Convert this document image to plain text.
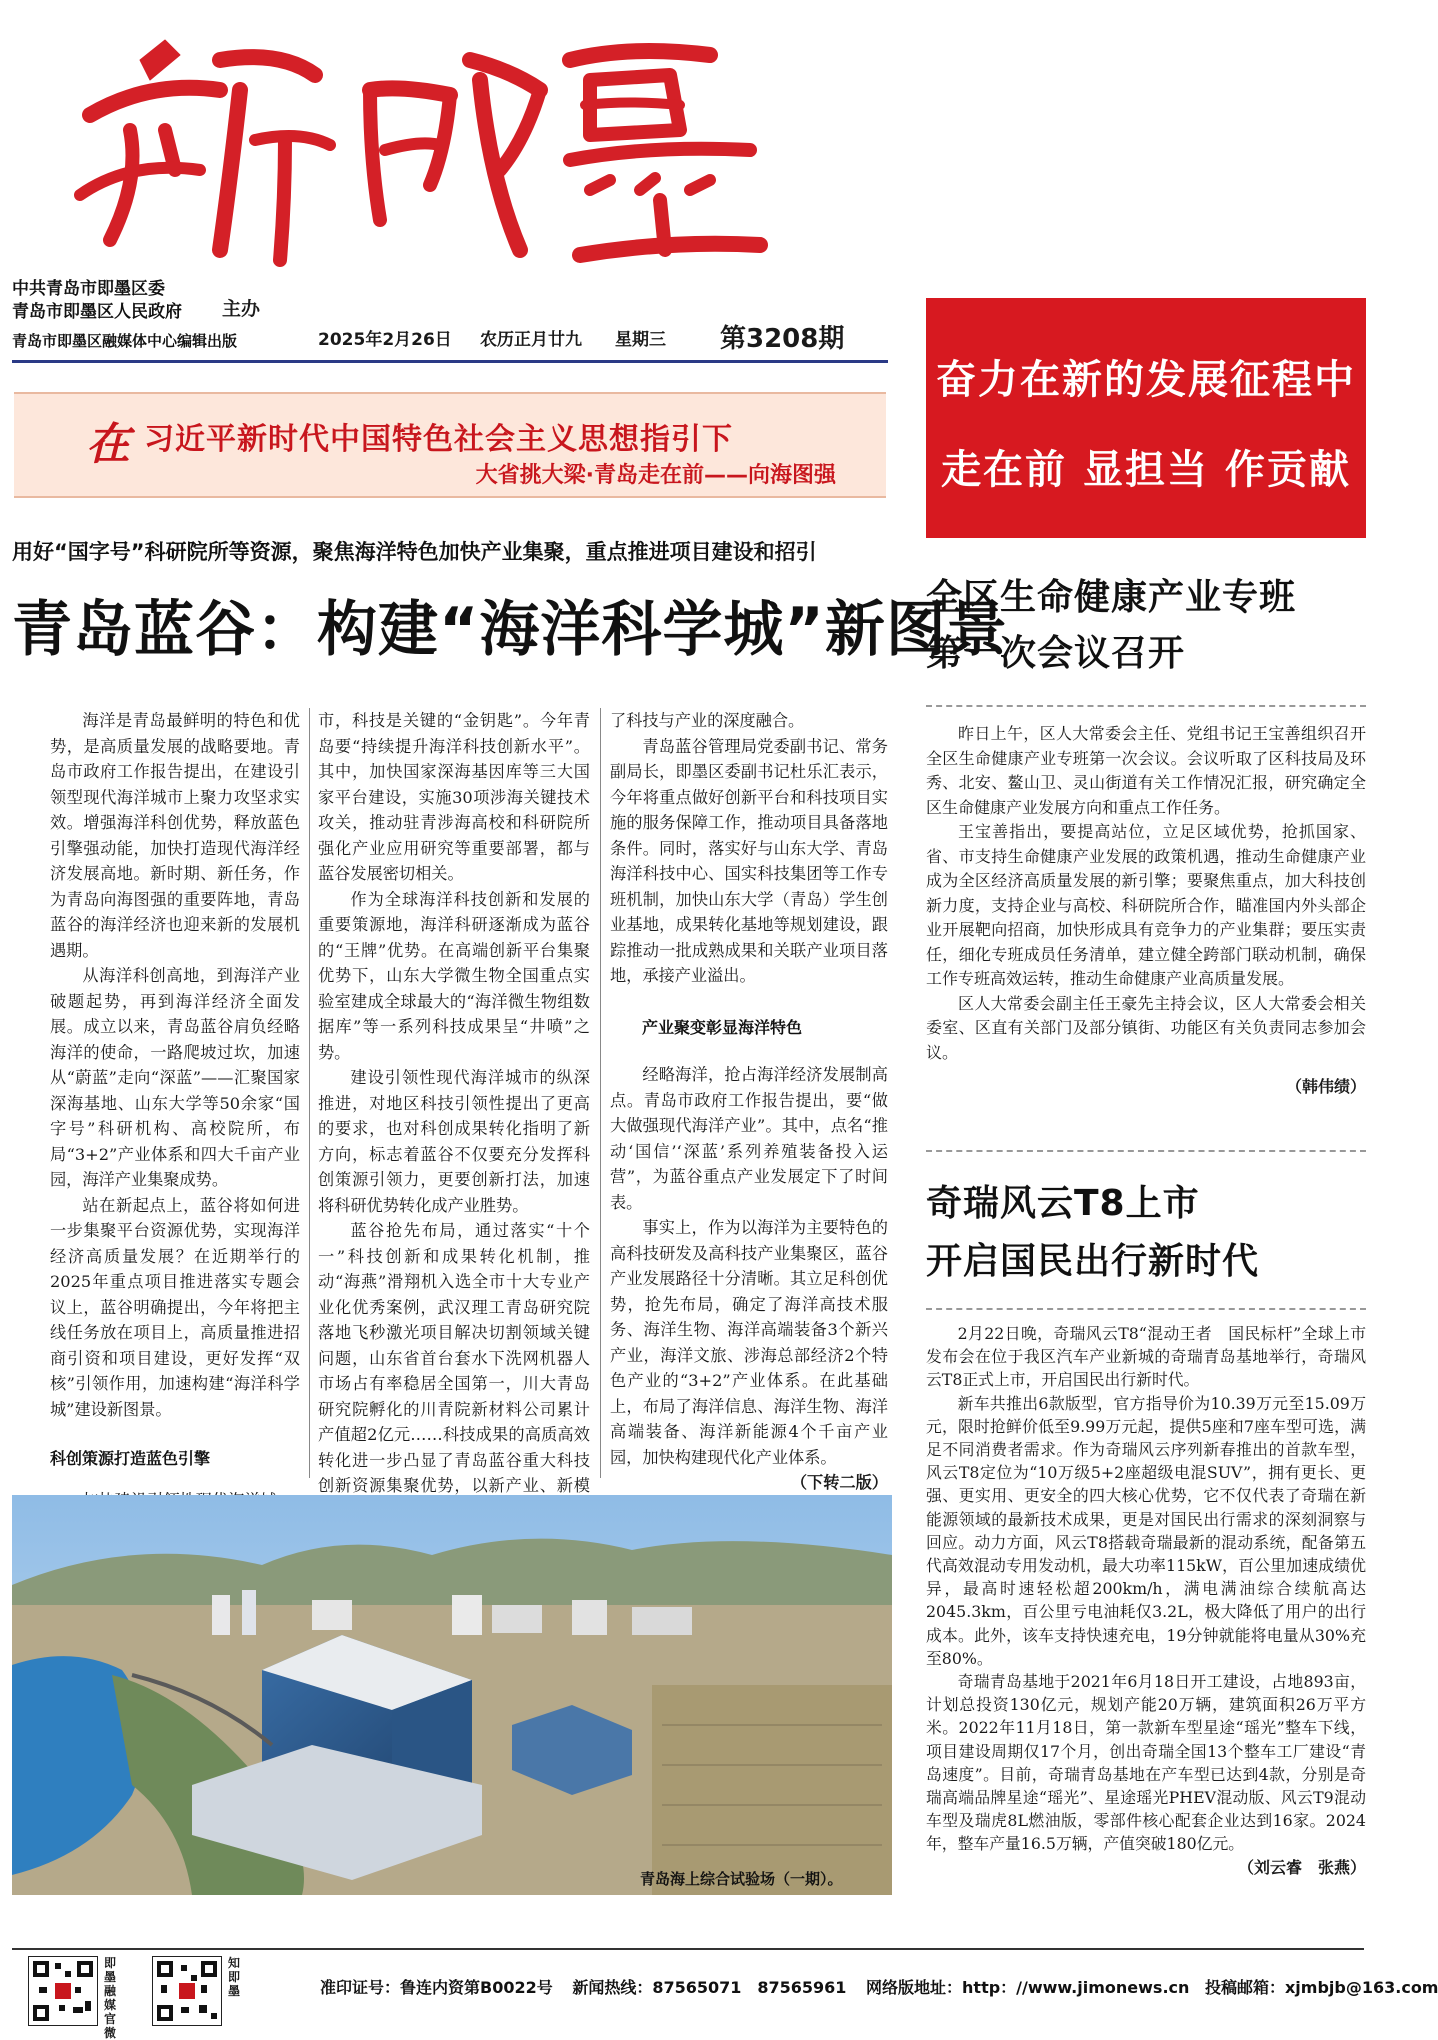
中共青岛市即墨区委
青岛市即墨区人民政府 主办
青岛市即墨区融媒体中心编辑出版	2025年2月26日 农历正月廿九 星期三 第3208期
在 习近平新时代中国特色社会主义思想指引下
大省挑大梁·青岛走在前——向海图强
奋力在新的发展征程中
走在前 显担当 作贡献
用好“国字号”科研院所等资源，聚焦海洋特色加快产业集聚，重点推进项目建设和招引
青岛蓝谷：构建“海洋科学城”新图景

海洋是青岛最鲜明的特色和优势，是高质量发展的战略要地。青岛市政府工作报告提出，在建设引领型现代海洋城市上聚力攻坚求实效。增强海洋科创优势，释放蓝色引擎强动能，加快打造现代海洋经济发展高地。新时期、新任务，作为青岛向海图强的重要阵地，青岛蓝谷的海洋经济也迎来新的发展机遇期。

从海洋科创高地，到海洋产业破题起势，再到海洋经济全面发展。成立以来，青岛蓝谷肩负经略海洋的使命，一路爬坡过坎，加速从“蔚蓝”走向“深蓝”——汇聚国家深海基地、山东大学等50余家“国字号”科研机构、高校院所，布局“3+2”产业体系和四大千亩产业园，海洋产业集聚成势。

站在新起点上，蓝谷将如何进一步集聚平台资源优势，实现海洋经济高质量发展？在近期举行的2025年重点项目推进落实专题会议上，蓝谷明确提出，今年将把主线任务放在项目上，高质量推进招商引资和项目建设，更好发挥“双核”引领作用，加速构建“海洋科学城”建设新图景。

科创策源打造蓝色引擎

市，科技是关键的“金钥匙”。今年青岛要“持续提升海洋科技创新水平”。其中，加快国家深海基因库等三大国家平台建设，实施30项涉海关键技术攻关，推动驻青涉海高校和科研院所强化产业应用研究等重要部署，都与蓝谷发展密切相关。

作为全球海洋科技创新和发展的重要策源地，海洋科研逐渐成为蓝谷的“王牌”优势。在高端创新平台集聚优势下，山东大学微生物全国重点实验室建成全球最大的“海洋微生物组数据库”等一系列科技成果呈“井喷”之势。

建设引领性现代海洋城市的纵深推进，对地区科技引领性提出了更高的要求，也对科创成果转化指明了新方向，标志着蓝谷不仅要充分发挥科创策源引领力，更要创新打法，加速将科研优势转化成产业胜势。

蓝谷抢先布局，通过落实“十个一”科技创新和成果转化机制，推动“海燕”滑翔机入选全市十大专业产业化优秀案例，武汉理工青岛研究院落地飞秒激光项目解决切割领域关键问题，山东省首台套水下洗网机器人市场占有率稳居全国第一，川大青岛研究院孵化的川青院新材料公司累计产值超2亿元……科技成果的高质高效转化进一步凸显了青岛蓝谷重大科技创新资源集聚优势，以新产业、新模

了科技与产业的深度融合。

青岛蓝谷管理局党委副书记、常务副局长，即墨区委副书记杜乐汇表示，今年将重点做好创新平台和科技项目实施的服务保障工作，推动项目具备落地条件。同时，落实好与山东大学、青岛海洋科技中心、国实科技集团等工作专班机制，加快山东大学（青岛）学生创业基地，成果转化基地等规划建设，跟踪推动一批成熟成果和关联产业项目落地，承接产业溢出。

产业聚变彰显海洋特色

经略海洋，抢占海洋经济发展制高点。青岛市政府工作报告提出，要“做大做强现代海洋产业”。其中，点名“推动‘国信’‘深蓝’系列养殖装备投入运营”，为蓝谷重点产业发展定下了时间表。

事实上，作为以海洋为主要特色的高科技研发及高科技产业集聚区，蓝谷产业发展路径十分清晰。其立足科创优势，抢先布局，确定了海洋高技术服务、海洋生物、海洋高端装备3个新兴产业，海洋文旅、涉海总部经济2个特色产业的“3+2”产业体系。在此基础上，布局了海洋信息、海洋生物、海洋高端装备、海洋新能源4个千亩产业园，加快构建现代化产业体系。

（下转二版）
青岛海上综合试验场（一期）。
全区生命健康产业专班
第一次会议召开

昨日上午，区人大常委会主任、党组书记王宝善组织召开全区生命健康产业专班第一次会议。会议听取了区科技局及环秀、北安、鳌山卫、灵山街道有关工作情况汇报，研究确定全区生命健康产业发展方向和重点工作任务。

王宝善指出，要提高站位，立足区域优势，抢抓国家、省、市支持生命健康产业发展的政策机遇，推动生命健康产业成为全区经济高质量发展的新引擎；要聚焦重点，加大科技创新力度，支持企业与高校、科研院所合作，瞄准国内外头部企业开展靶向招商，加快形成具有竞争力的产业集群；要压实责任，细化专班成员任务清单，建立健全跨部门联动机制，确保工作专班高效运转，推动生命健康产业高质量发展。

区人大常委会副主任王豪先主持会议，区人大常委会相关委室、区直有关部门及部分镇街、功能区有关负责同志参加会议。

（韩伟绩）
奇瑞风云T8上市
开启国民出行新时代

2月22日晚，奇瑞风云T8“混动王者　国民标杆”全球上市发布会在位于我区汽车产业新城的奇瑞青岛基地举行，奇瑞风云T8正式上市，开启国民出行新时代。

新车共推出6款版型，官方指导价为10.39万元至15.09万元，限时抢鲜价低至9.99万元起，提供5座和7座车型可选，满足不同消费者需求。作为奇瑞风云序列新春推出的首款车型，风云T8定位为“10万级5+2座超级电混SUV”，拥有更长、更强、更实用、更安全的四大核心优势，它不仅代表了奇瑞在新能源领域的最新技术成果，更是对国民出行需求的深刻洞察与回应。动力方面，风云T8搭载奇瑞最新的混动系统，配备第五代高效混动专用发动机，最大功率115kW，百公里加速成绩优异，最高时速轻松超200km/h，满电满油综合续航高达2045.3km，百公里亏电油耗仅3.2L，极大降低了用户的出行成本。此外，该车支持快速充电，19分钟就能将电量从30%充至80%。

奇瑞青岛基地于2021年6月18日开工建设，占地893亩，计划总投资130亿元，规划产能20万辆，建筑面积26万平方米。2022年11月18日，第一款新车型星途“瑶光”整车下线，项目建设周期仅17个月，创出奇瑞全国13个整车工厂建设“青岛速度”。目前，奇瑞青岛基地在产车型已达到4款，分别是奇瑞高端品牌星途“瑶光”、星途瑶光PHEV混动版、风云T9混动车型及瑞虎8L燃油版，零部件核心配套企业达到16家。2024年，整车产量16.5万辆，产值突破180亿元。

（刘云睿　张燕）
即墨融媒官微
知即墨	准印证号：鲁连内资第B0022号 新闻热线：87565071　87565961 网络版地址：http：//www.jimonews.cn 投稿邮箱：xjmbjb@163.com
